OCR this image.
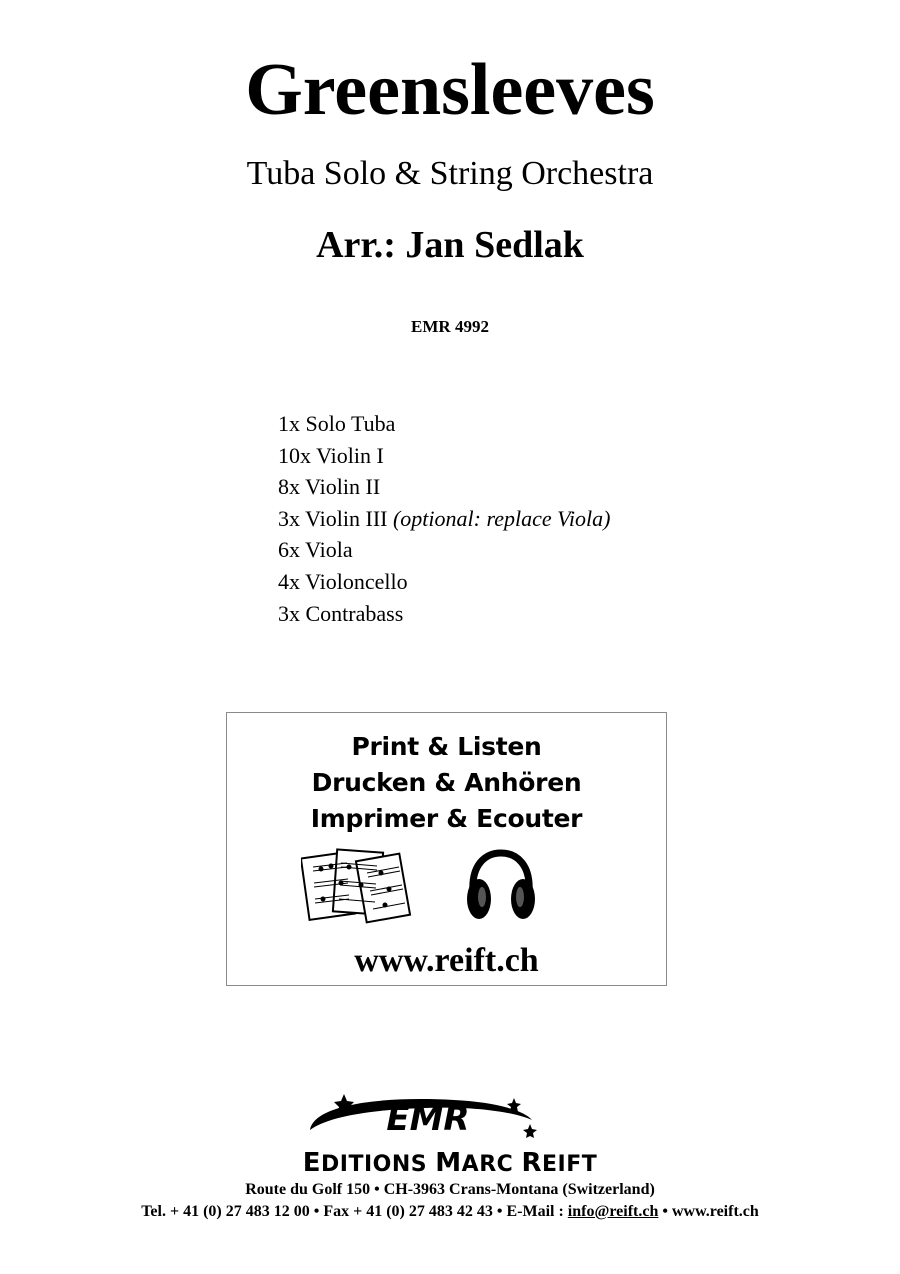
Greensleeves
Tuba Solo & String Orchestra
Arr.: Jan Sedlak
EMR 4992
1x Solo Tuba
10x Violin I
8x Violin II
3x Violin III (optional: replace Viola)
6x Viola
4x Violoncello
3x Contrabass
Print & Listen
Drucken & Anhören
Imprimer & Ecouter
www.reift.ch
EMR
EDITIONS MARC REIFT
Route du Golf 150 • CH-3963 Crans-Montana (Switzerland)
Tel. + 41 (0) 27 483 12 00 • Fax + 41 (0) 27 483 42 43 • E-Mail : info@reift.ch • www.reift.ch
